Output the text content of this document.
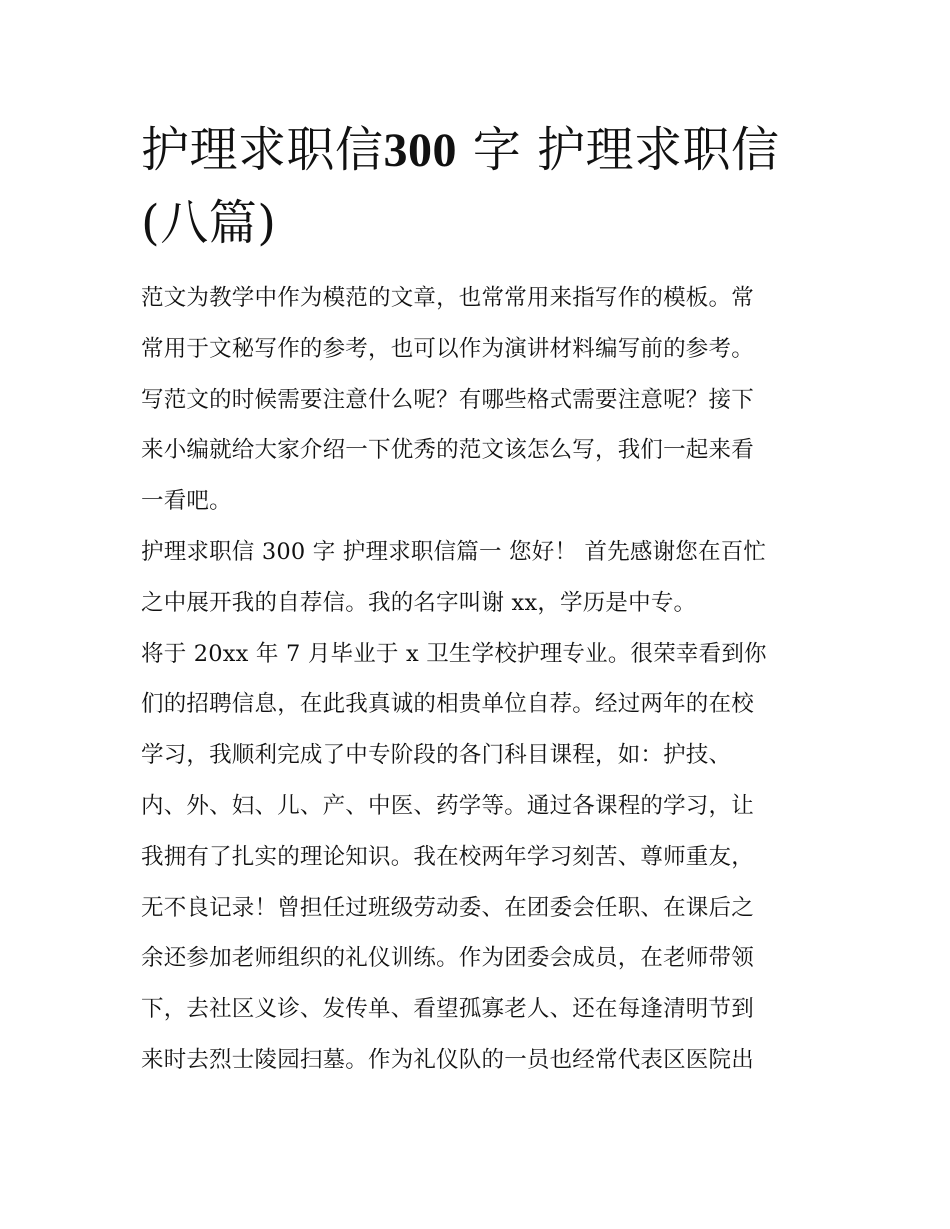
护理求职信300 字 护理求职信
(八篇)
范文为教学中作为模范的文章，也常常用来指写作的模板。常
常用于文秘写作的参考，也可以作为演讲材料编写前的参考。
写范文的时候需要注意什么呢？有哪些格式需要注意呢？接下
来小编就给大家介绍一下优秀的范文该怎么写，我们一起来看
一看吧。
护理求职信 300 字 护理求职信篇一 您好！ 首先感谢您在百忙
之中展开我的自荐信。我的名字叫谢 xx，学历是中专。
将于 20xx 年 7 月毕业于 x 卫生学校护理专业。很荣幸看到你
们的招聘信息，在此我真诚的相贵单位自荐。经过两年的在校
学习，我顺利完成了中专阶段的各门科目课程，如：护技、
内、外、妇、儿、产、中医、药学等。通过各课程的学习，让
我拥有了扎实的理论知识。我在校两年学习刻苦、尊师重友，
无不良记录！曾担任过班级劳动委、在团委会任职、在课后之
余还参加老师组织的礼仪训练。作为团委会成员，在老师带领
下，去社区义诊、发传单、看望孤寡老人、还在每逢清明节到
来时去烈士陵园扫墓。作为礼仪队的一员也经常代表区医院出
